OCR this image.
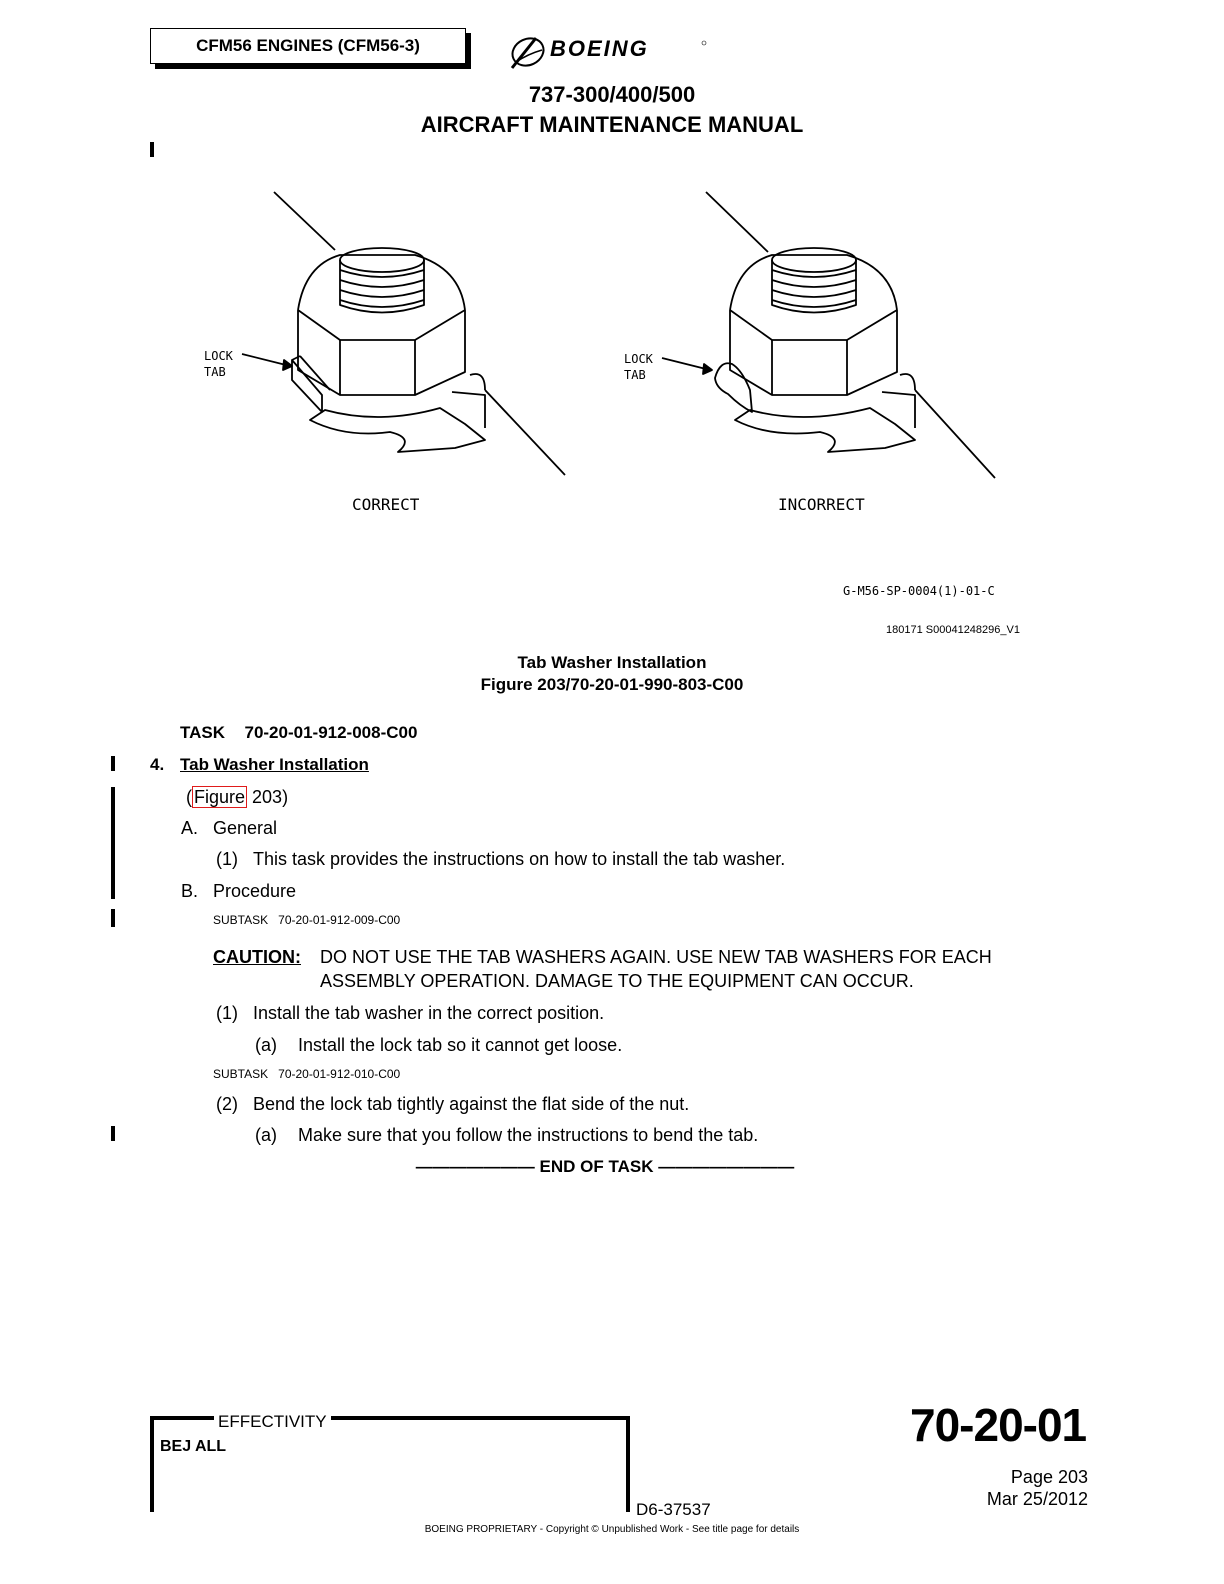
CFM56 ENGINES (CFM56-3)	BOEING
737-300/400/500
AIRCRAFT MAINTENANCE MANUAL
LOCK
TAB
LOCK
TAB
CORRECT	INCORRECT
G-M56-SP-0004(1)-01-C
180171 S00041248296_V1
Tab Washer Installation
Figure 203/70-20-01-990-803-C00
TASK 70-20-01-912-008-C00
4. Tab Washer Installation
( Figure 203)
A. General
(1) This task provides the instructions on how to install the tab washer.
B. Procedure
SUBTASK 70-20-01-912-009-C00
CAUTION: DO NOT USE THE TAB WASHERS AGAIN. USE NEW TAB WASHERS FOR EACH
ASSEMBLY OPERATION. DAMAGE TO THE EQUIPMENT CAN OCCUR.
(1) Install the tab washer in the correct position.
(a) Install the lock tab so it cannot get loose.
SUBTASK 70-20-01-912-010-C00
(2) Bend the lock tab tightly against the flat side of the nut.
(a) Make sure that you follow the instructions to bend the tab.
——————— END OF TASK ————————
EFFECTIVITY
BEJ ALL	70-20-01
Page 203
Mar 25/2012
D6-37537
BOEING PROPRIETARY - Copyright © Unpublished Work - See title page for details
